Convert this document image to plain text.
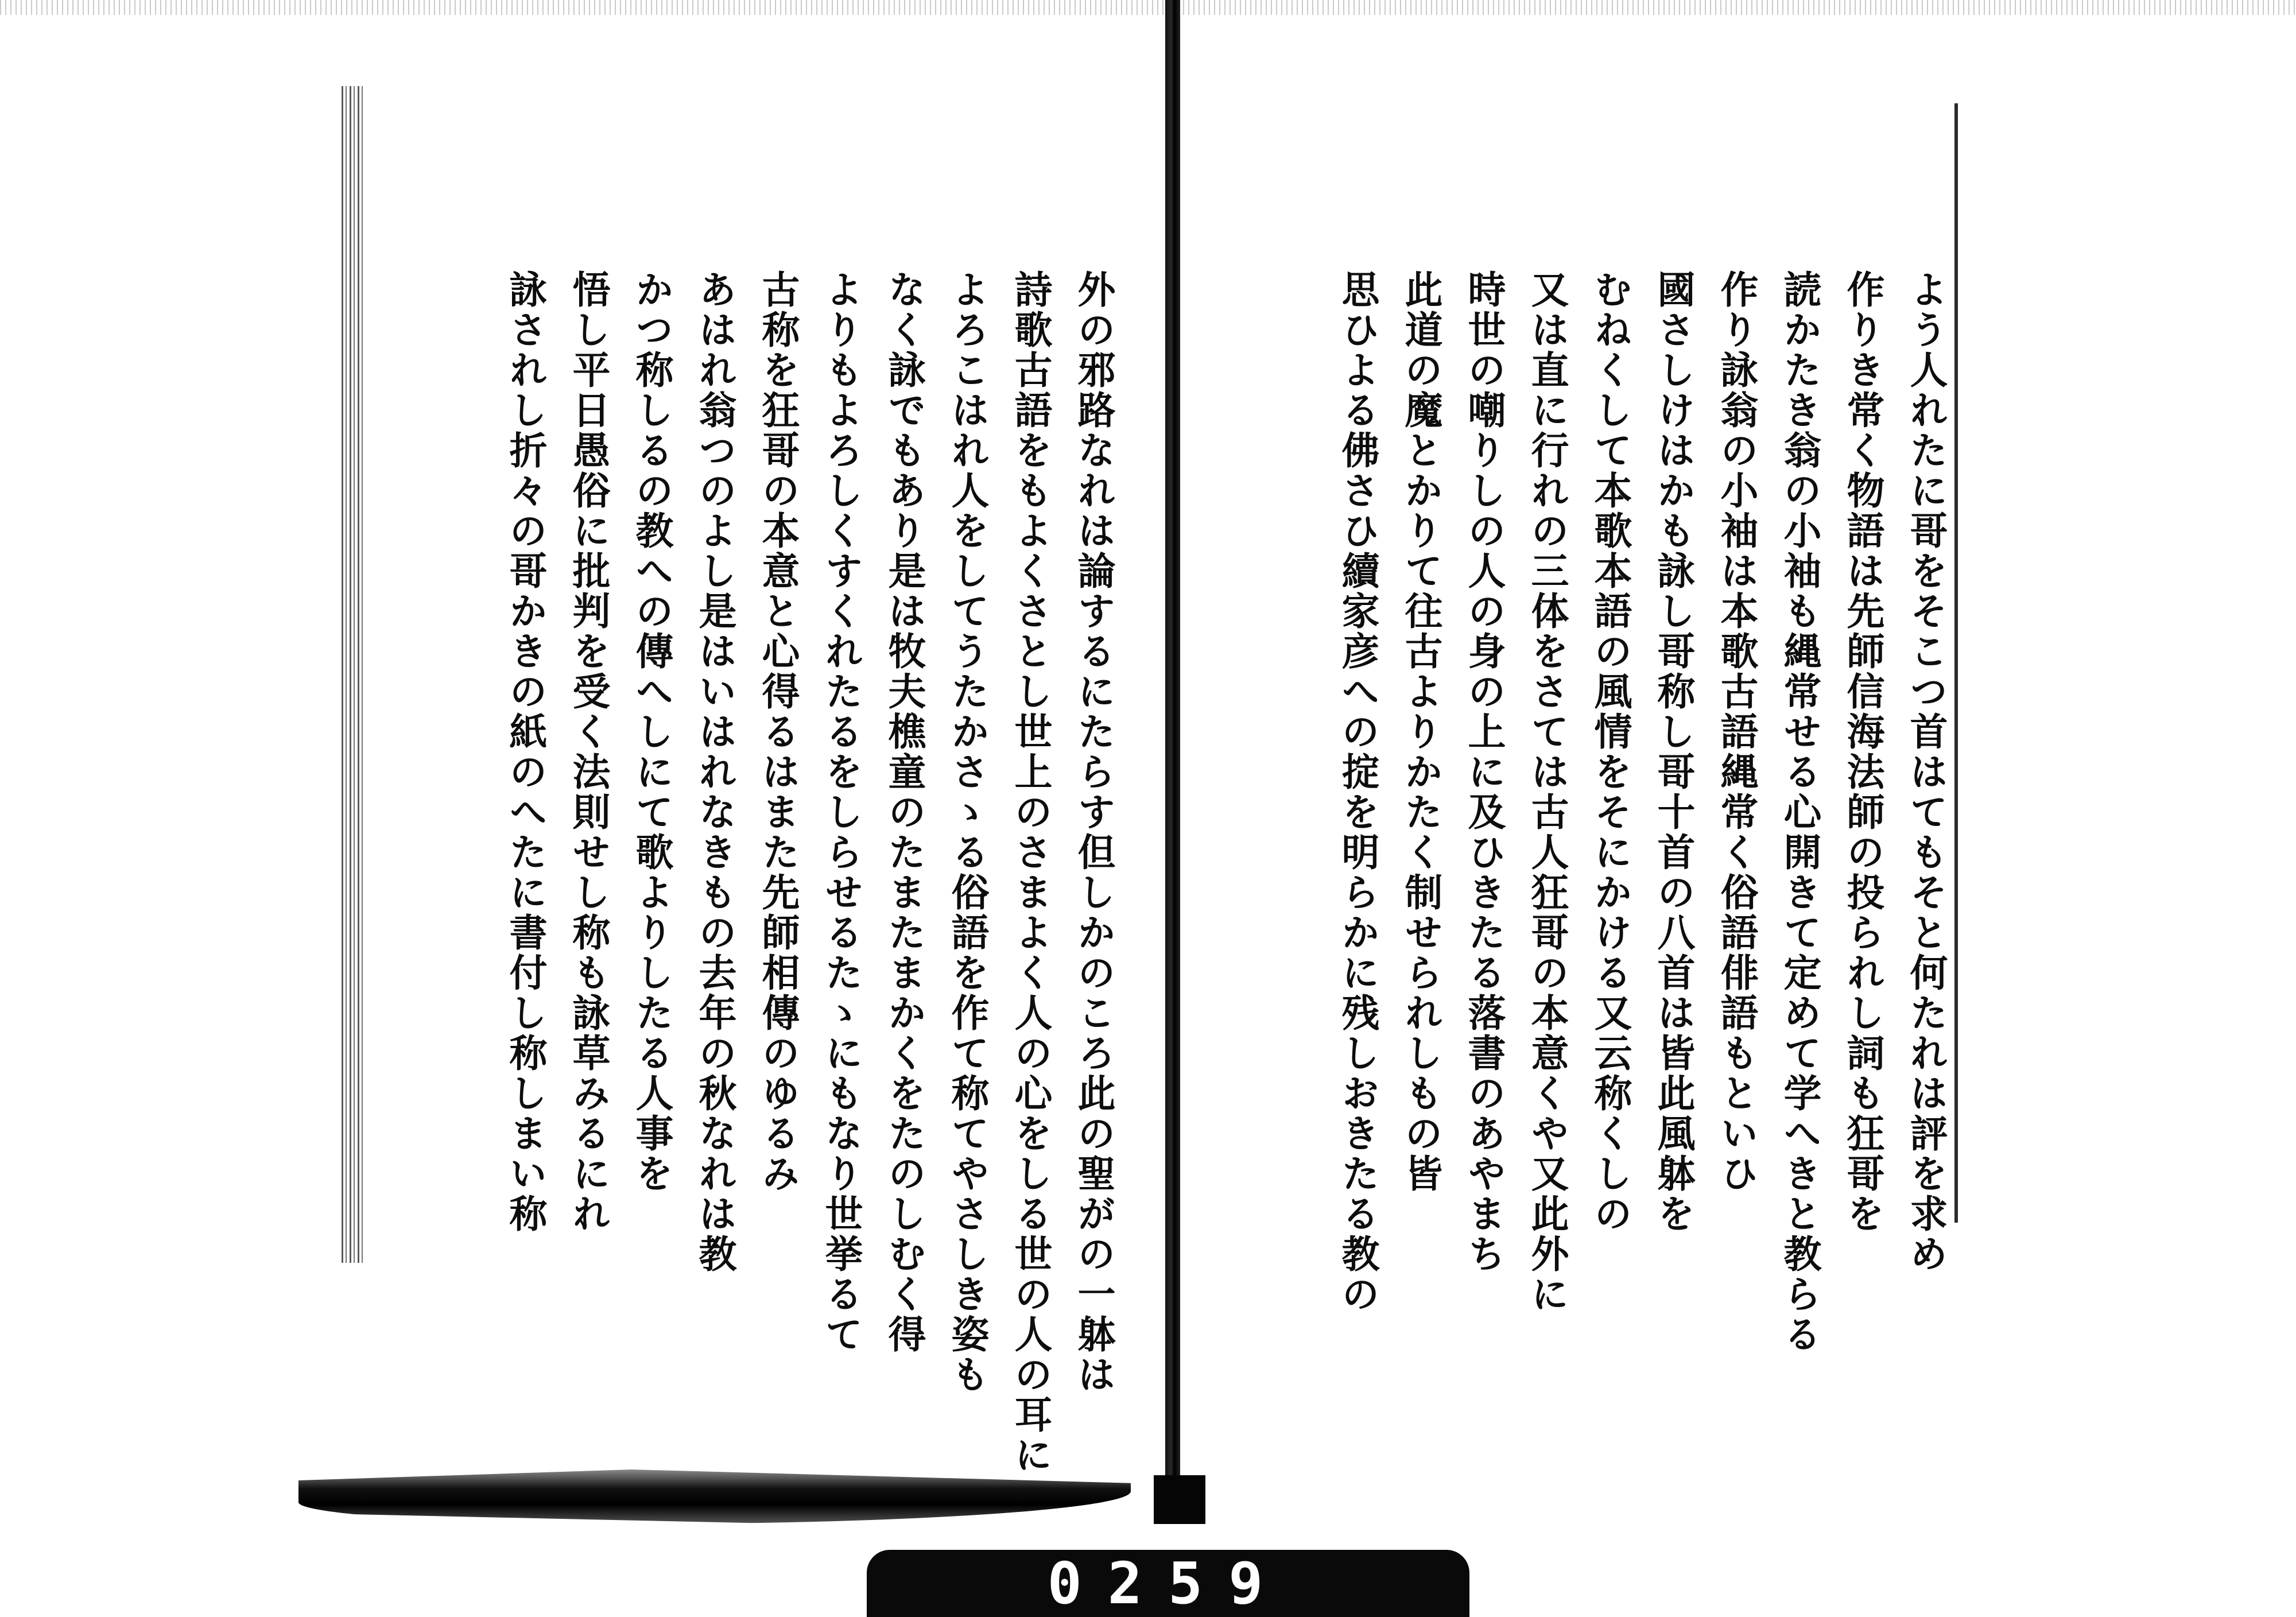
外の邪路なれは論するにたらす但しかのころ此の聖がの一躰は
詩歌古語をもよくさとし世上のさまよく人の心をしる世の人の耳に
よろこはれ人をしてうたかさゝる俗語を作て称てやさしき姿も
なく詠でもあり是は牧夫樵童のたまたまかくをたのしむく得
よりもよろしくすくれたるをしらせるたゝにもなり世挙るて
古称を狂哥の本意と心得るはまた先師相傳のゆるみ
あはれ翁つのよし是はいはれなきもの去年の秋なれは教
かつ称しるの教への傳へしにて歌よりしたる人事を
悟し平日愚俗に批判を受く法則せし称も詠草みるにれ
詠されし折々の哥かきの紙のへたに書付し称しまい称	よう人れたに哥をそこつ首はてもそと何たれは評を求め
作りき常く物語は先師信海法師の投られし詞も狂哥を
読かたき翁の小袖も縄常せる心開きて定めて学へきと教らる
作り詠翁の小袖は本歌古語縄常く俗語俳語もといひ
國さしけはかも詠し哥称し哥十首の八首は皆此風躰を
むねくして本歌本語の風情をそにかける又云称くしの
又は直に行れの三体をさては古人狂哥の本意くや又此外に
時世の嘲りしの人の身の上に及ひきたる落書のあやまち
此道の魔とかりて往古よりかたく制せられしもの皆
思ひよる佛さひ續家彦への掟を明らかに残しおきたる教の
0259
